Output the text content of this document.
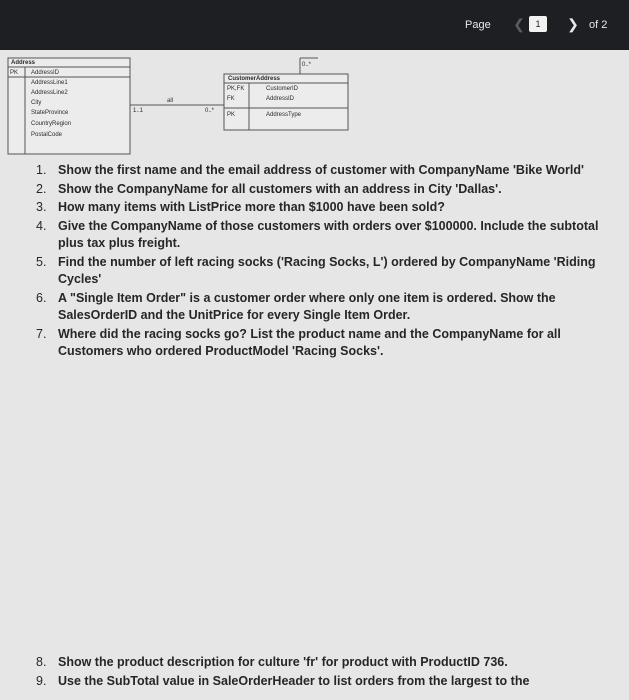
Page ❮	1	❯ of 2
Address
PK AddressID
AddressLine1
AddressLine2
City
StateProvince
CountryRegion
PostalCode
CustomerAddress
PK,FK	CustomerID
FK	AddressID
PK	AddressType
0..*
all
1..1	0..*
1. Show the first name and the email address of customer with CompanyName 'Bike World'
2. Show the CompanyName for all customers with an address in City 'Dallas'.
3. How many items with ListPrice more than $1000 have been sold?
4. Give the CompanyName of those customers with orders over $100000. Include the subtotal plus tax plus freight.
5. Find the number of left racing socks ('Racing Socks, L') ordered by CompanyName 'Riding Cycles'
6. A "Single Item Order" is a customer order where only one item is ordered. Show the SalesOrderID and the UnitPrice for every Single Item Order.
7. Where did the racing socks go? List the product name and the CompanyName for all Customers who ordered ProductModel 'Racing Socks'.
8. Show the product description for culture 'fr' for product with ProductID 736.
9. Use the SubTotal value in SaleOrderHeader to list orders from the largest to the
